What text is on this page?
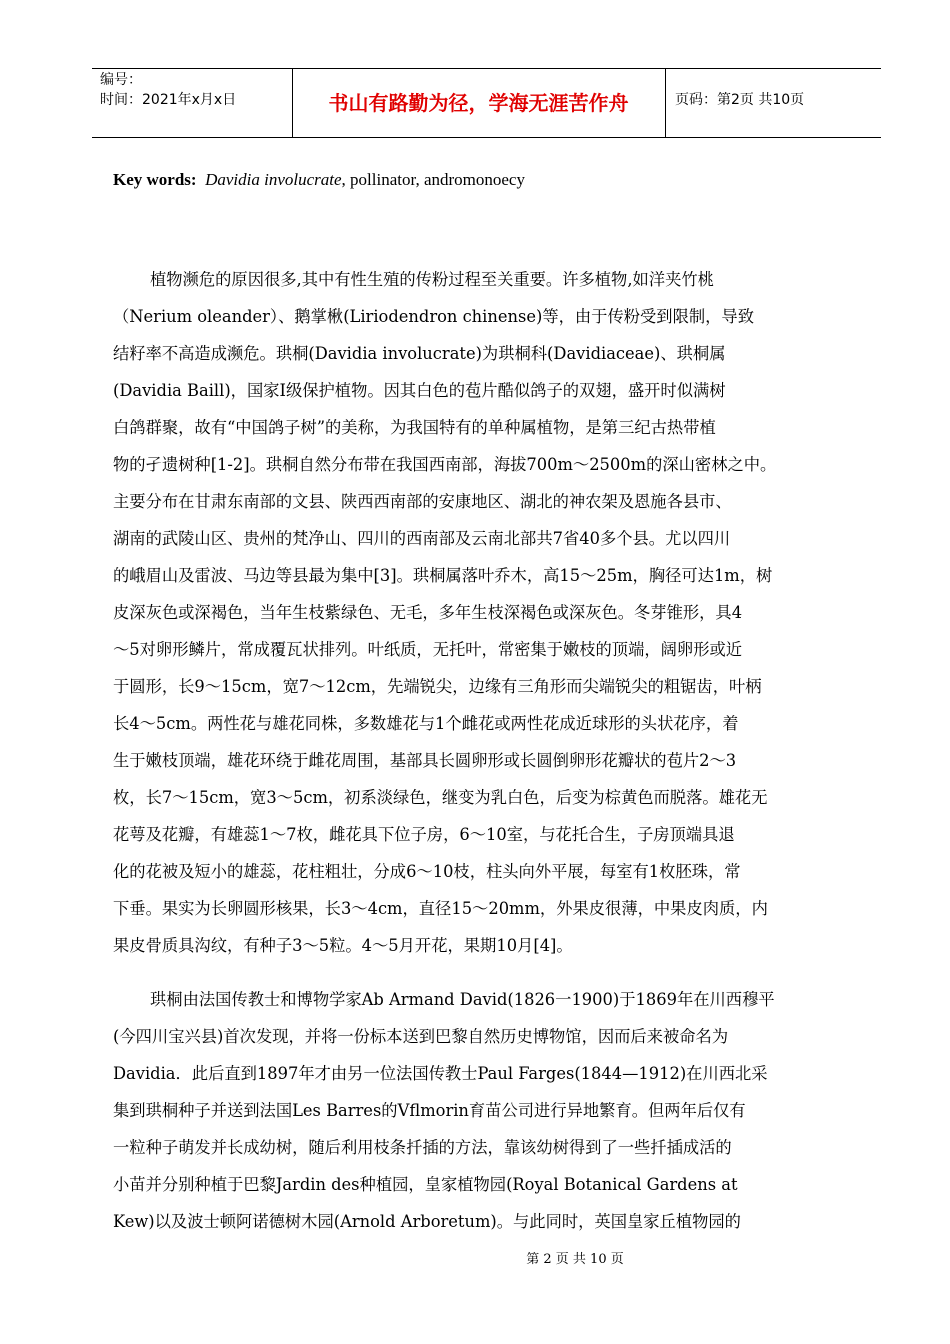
编号：
时间：2021年x月x日	书山有路勤为径，学海无涯苦作舟	页码：第2页 共10页
Key words: Davidia involucrate, pollinator, andromonoecy
植物濒危的原因很多,其中有性生殖的传粉过程至关重要。许多植物,如洋夹竹桃
（Nerium oleander）、鹅掌楸(Liriodendron chinense)等，由于传粉受到限制，导致
结籽率不高造成濒危。珙桐(Davidia involucrate)为珙桐科(Davidiaceae)、珙桐属
(Davidia Baill)，国家Ⅰ级保护植物。因其白色的苞片酷似鸽子的双翅，盛开时似满树
白鸽群聚，故有“中国鸽子树”的美称，为我国特有的单种属植物，是第三纪古热带植
物的孑遗树种[1-2]。珙桐自然分布带在我国西南部，海拔700m～2500m的深山密林之中。
主要分布在甘肃东南部的文县、陕西西南部的安康地区、湖北的神农架及恩施各县市、
湖南的武陵山区、贵州的梵净山、四川的西南部及云南北部共7省40多个县。尤以四川
的峨眉山及雷波、马边等县最为集中[3]。珙桐属落叶乔木，高15～25m，胸径可达1m，树
皮深灰色或深褐色，当年生枝紫绿色、无毛，多年生枝深褐色或深灰色。冬芽锥形，具4
～5对卵形鳞片，常成覆瓦状排列。叶纸质，无托叶，常密集于嫩枝的顶端，阔卵形或近
于圆形，长9～15cm，宽7～12cm，先端锐尖，边缘有三角形而尖端锐尖的粗锯齿，叶柄
长4～5cm。两性花与雄花同株，多数雄花与1个雌花或两性花成近球形的头状花序，着
生于嫩枝顶端，雄花环绕于雌花周围，基部具长圆卵形或长圆倒卵形花瓣状的苞片2～3
枚，长7～15cm，宽3～5cm，初系淡绿色，继变为乳白色，后变为棕黄色而脱落。雄花无
花萼及花瓣，有雄蕊1～7枚，雌花具下位子房，6～10室，与花托合生，子房顶端具退
化的花被及短小的雄蕊，花柱粗壮，分成6～10枝，柱头向外平展，每室有1枚胚珠，常
下垂。果实为长卵圆形核果，长3～4cm，直径15～20mm，外果皮很薄，中果皮肉质，内
果皮骨质具沟纹，有种子3～5粒。4～5月开花，果期10月[4]。
珙桐由法国传教士和博物学家Ab Armand David(1826一1900)于1869年在川西穆平
(今四川宝兴县)首次发现，并将一份标本送到巴黎自然历史博物馆，因而后来被命名为
Davidia．此后直到1897年才由另一位法国传教士Paul Farges(1844—1912)在川西北采
集到珙桐种子并送到法国Les Barres的Vflmorin育苗公司进行异地繁育。但两年后仅有
一粒种子萌发并长成幼树，随后利用枝条扦插的方法，靠该幼树得到了一些扦插成活的
小苗并分别种植于巴黎Jardin des种植园，皇家植物园(Royal Botanical Gardens at
Kew)以及波士顿阿诺德树木园(Arnold Arboretum)。与此同时，英国皇家丘植物园的
第 2 页 共 10 页
